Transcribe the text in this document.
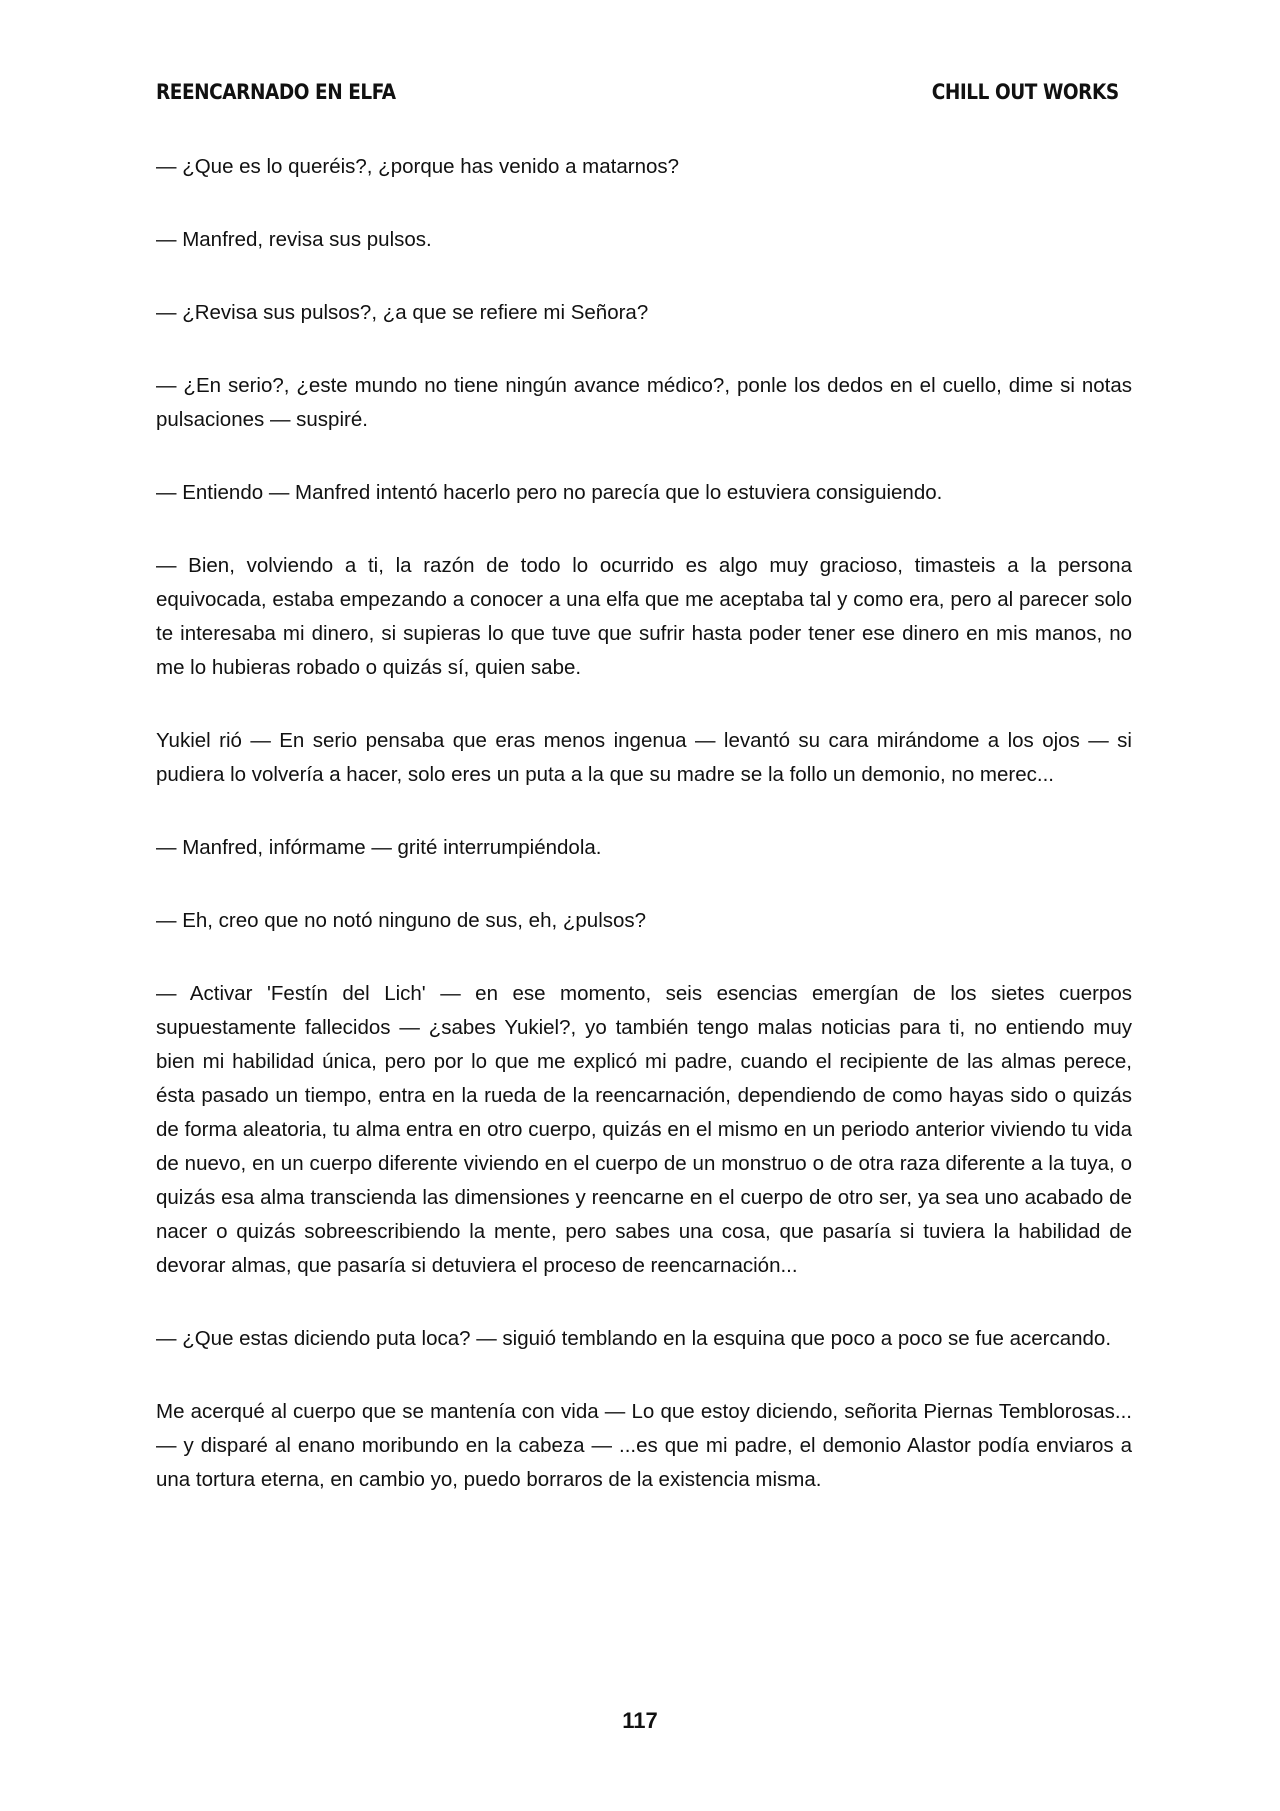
REENCARNADO EN ELFA	CHILL OUT WORKS

— ¿Que es lo queréis?, ¿porque has venido a matarnos?

— Manfred, revisa sus pulsos.

— ¿Revisa sus pulsos?, ¿a que se refiere mi Señora?

— ¿En serio?, ¿este mundo no tiene ningún avance médico?, ponle los dedos en el cuello, dime si notas pulsaciones — suspiré.

— Entiendo — Manfred intentó hacerlo pero no parecía que lo estuviera consiguiendo.

— Bien, volviendo a ti, la razón de todo lo ocurrido es algo muy gracioso, timasteis a la persona equivocada, estaba empezando a conocer a una elfa que me aceptaba tal y como era, pero al parecer solo te interesaba mi dinero, si supieras lo que tuve que sufrir hasta poder tener ese dinero en mis manos, no me lo hubieras robado o quizás sí, quien sabe.

Yukiel rió — En serio pensaba que eras menos ingenua — levantó su cara mirándome a los ojos — si pudiera lo volvería a hacer, solo eres un puta a la que su madre se la follo un demonio, no merec...

— Manfred, infórmame — grité interrumpiéndola.

— Eh, creo que no notó ninguno de sus, eh, ¿pulsos?

— Activar 'Festín del Lich' — en ese momento, seis esencias emergían de los sietes cuerpos supuestamente fallecidos — ¿sabes Yukiel?, yo también tengo malas noticias para ti, no entiendo muy bien mi habilidad única, pero por lo que me explicó mi padre, cuando el recipiente de las almas perece, ésta pasado un tiempo, entra en la rueda de la reencarnación, dependiendo de como hayas sido o quizás de forma aleatoria, tu alma entra en otro cuerpo, quizás en el mismo en un periodo anterior viviendo tu vida de nuevo, en un cuerpo diferente viviendo en el cuerpo de un monstruo o de otra raza diferente a la tuya, o quizás esa alma transcienda las dimensiones y reencarne en el cuerpo de otro ser, ya sea uno acabado de nacer o quizás sobreescribiendo la mente, pero sabes una cosa, que pasaría si tuviera la habilidad de devorar almas, que pasaría si detuviera el proceso de reencarnación...

— ¿Que estas diciendo puta loca? — siguió temblando en la esquina que poco a poco se fue acercando.

Me acerqué al cuerpo que se mantenía con vida — Lo que estoy diciendo, señorita Piernas Temblorosas... — y disparé al enano moribundo en la cabeza — ...es que mi padre, el demonio Alastor podía enviaros a una tortura eterna, en cambio yo, puedo borraros de la existencia misma.

117
